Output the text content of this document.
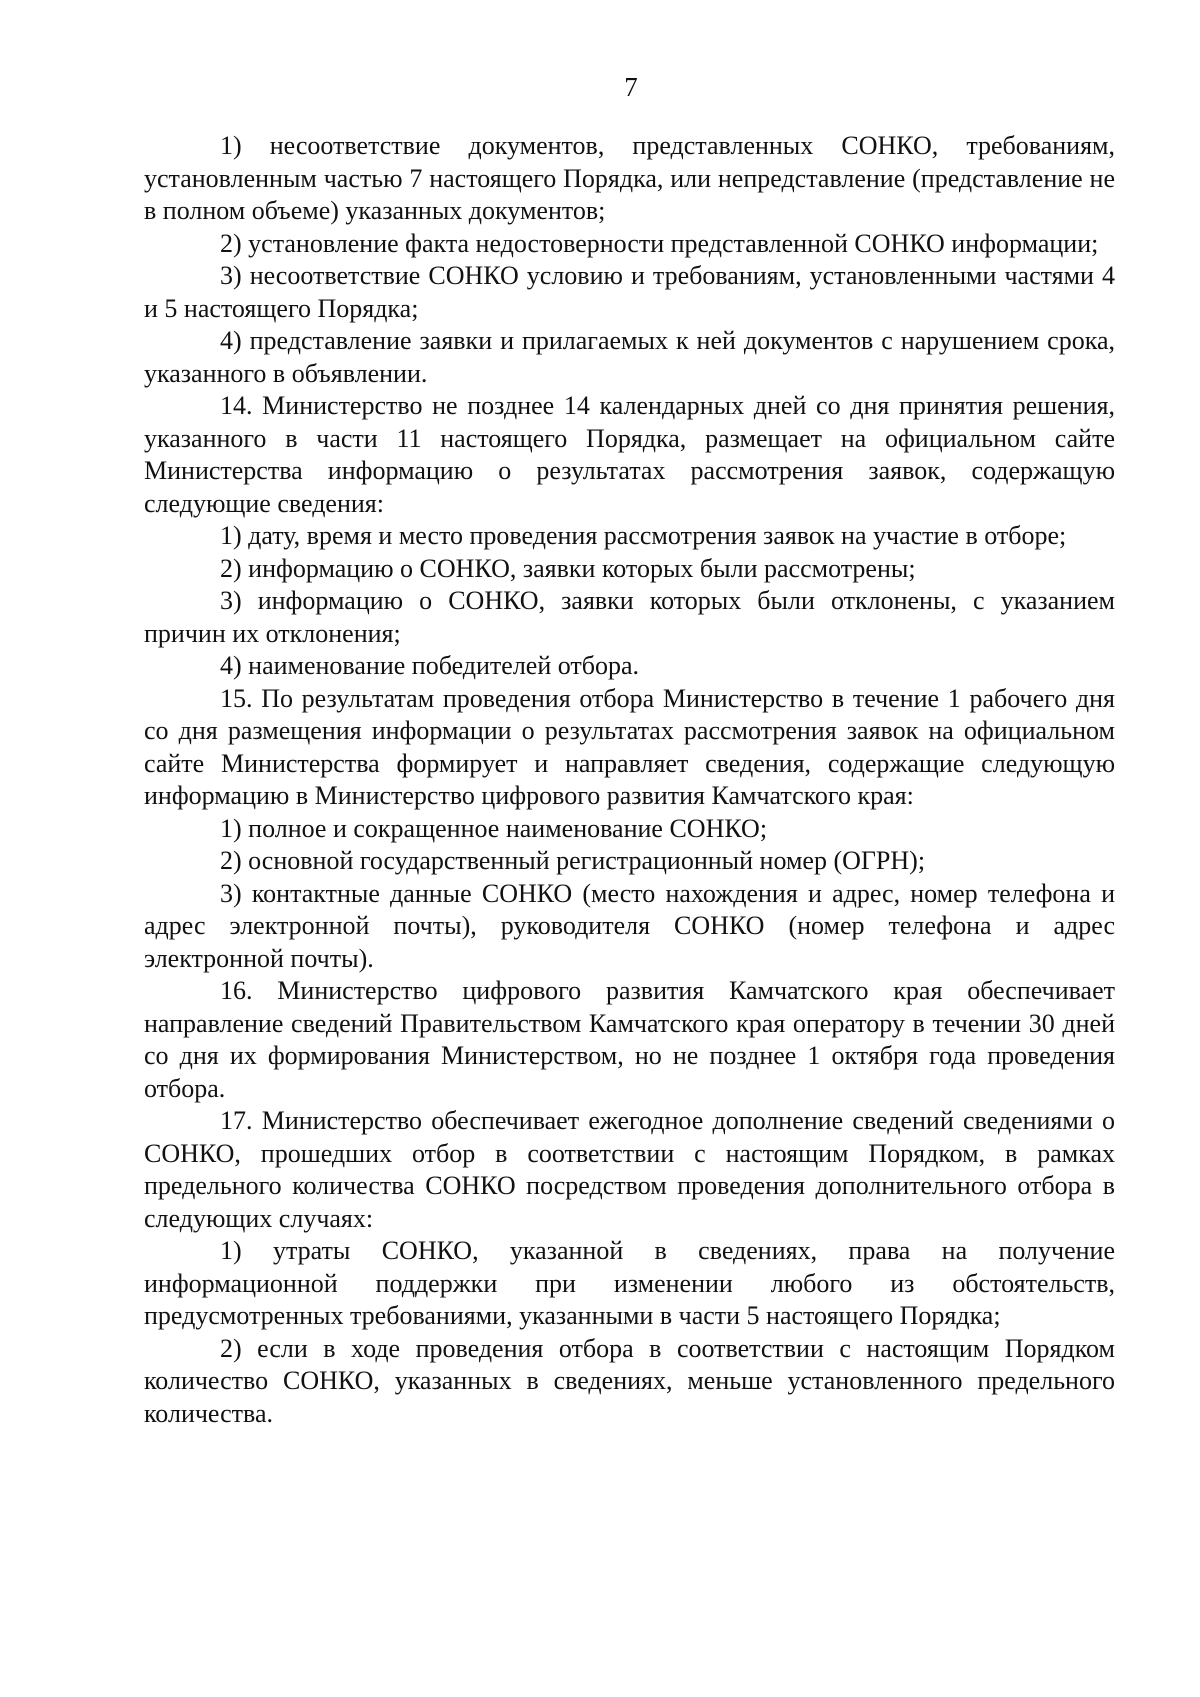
7

1) несоответствие документов, представленных СОНКО, требованиям, установленным частью 7 настоящего Порядка, или непредставление (представление не в полном объеме) указанных документов;

2) установление факта недостоверности представленной СОНКО информации;

3) несоответствие СОНКО условию и требованиям, установленными частями 4 и 5 настоящего Порядка;

4) представление заявки и прилагаемых к ней документов с нарушением срока, указанного в объявлении.

14. Министерство не позднее 14 календарных дней со дня принятия решения, указанного в части 11 настоящего Порядка, размещает на официальном сайте Министерства информацию о результатах рассмотрения заявок, содержащую следующие сведения:

1) дату, время и место проведения рассмотрения заявок на участие в отборе;

2) информацию о СОНКО, заявки которых были рассмотрены;

3) информацию о СОНКО, заявки которых были отклонены, с указанием причин их отклонения;

4) наименование победителей отбора.

15. По результатам проведения отбора Министерство в течение 1 рабочего дня со дня размещения информации о результатах рассмотрения заявок на официальном сайте Министерства формирует и направляет сведения, содержащие следующую информацию в Министерство цифрового развития Камчатского края:

1) полное и сокращенное наименование СОНКО;

2) основной государственный регистрационный номер (ОГРН);

3) контактные данные СОНКО (место нахождения и адрес, номер телефона и адрес электронной почты), руководителя СОНКО (номер телефона и адрес электронной почты).

16. Министерство цифрового развития Камчатского края обеспечивает направление сведений Правительством Камчатского края оператору в течении 30 дней со дня их формирования Министерством, но не позднее 1 октября года проведения отбора.

17. Министерство обеспечивает ежегодное дополнение сведений сведениями о СОНКО, прошедших отбор в соответствии с настоящим Порядком, в рамках предельного количества СОНКО посредством проведения дополнительного отбора в следующих случаях:

1) утраты СОНКО, указанной в сведениях, права на получение информационной поддержки при изменении любого из обстоятельств, предусмотренных требованиями, указанными в части 5 настоящего Порядка;

2) если в ходе проведения отбора в соответствии с настоящим Порядком количество СОНКО, указанных в сведениях, меньше установленного предельного количества.
